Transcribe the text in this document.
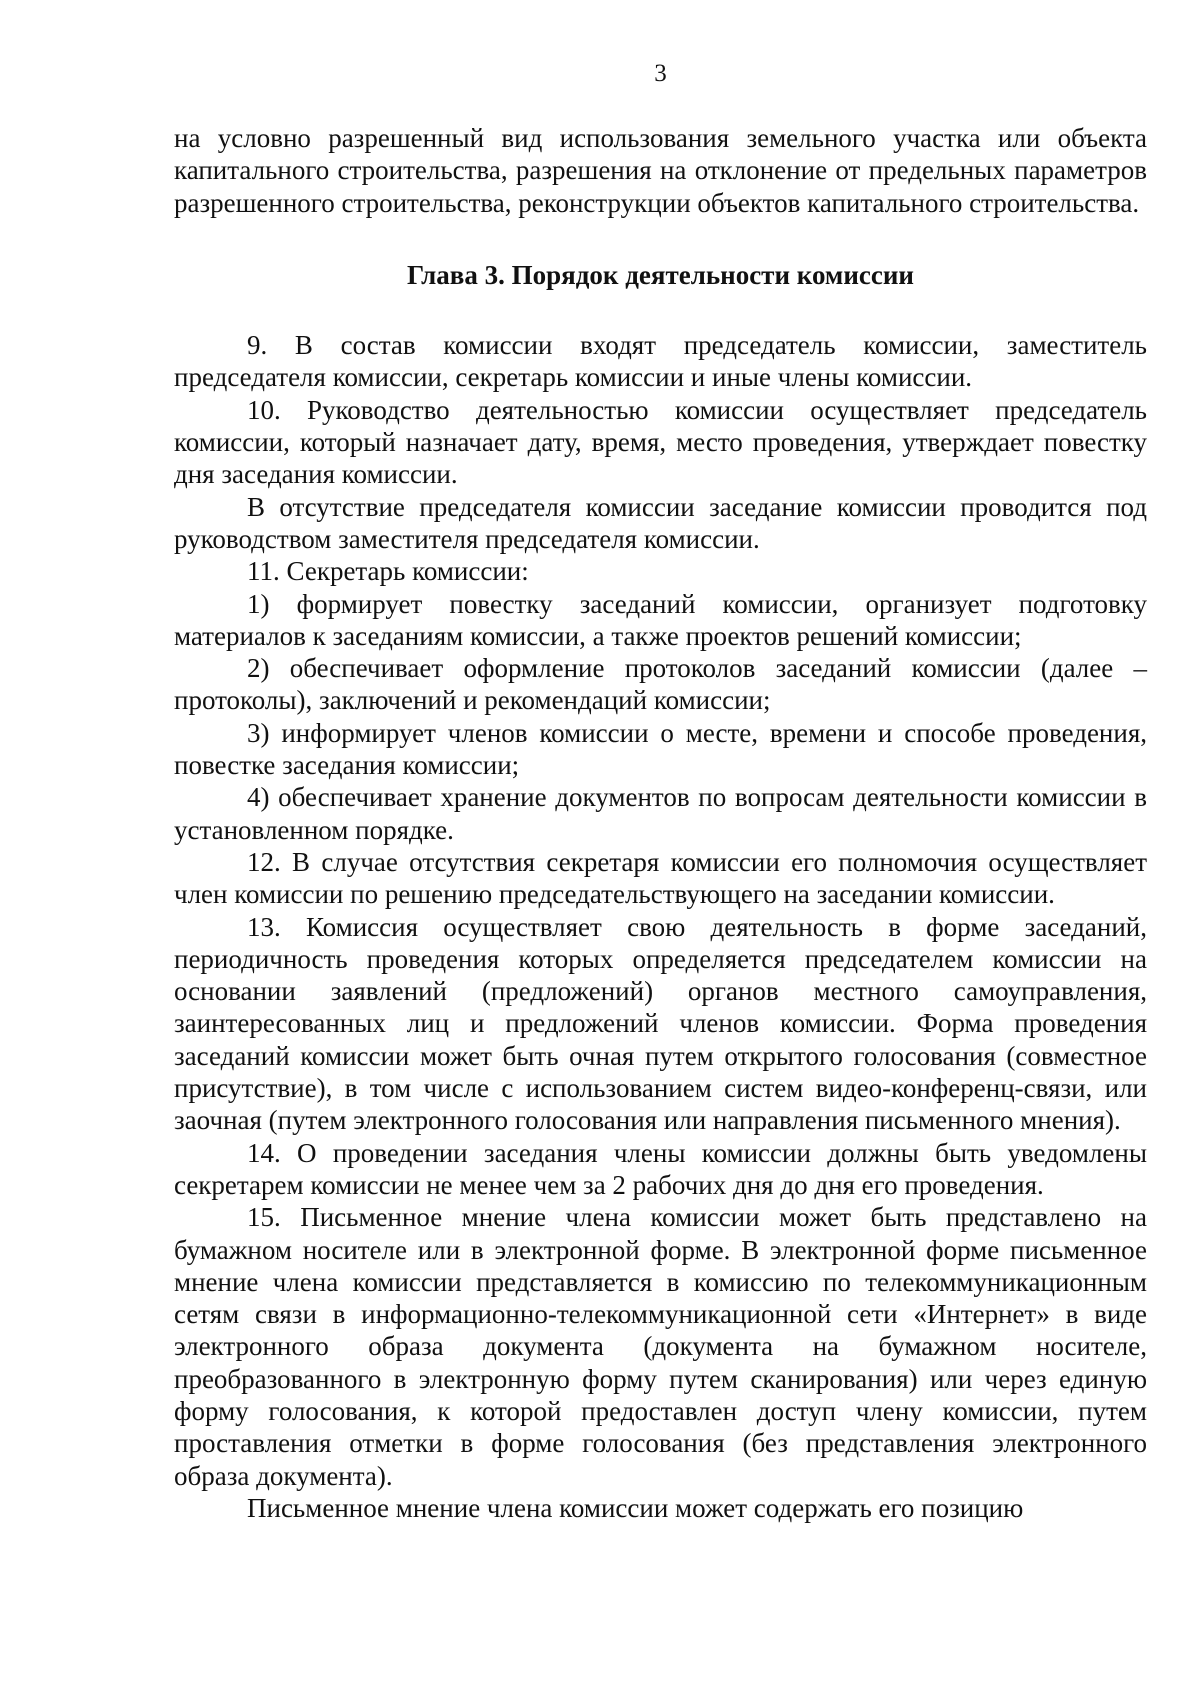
3

на условно разрешенный вид использования земельного участка или объекта капитального строительства, разрешения на отклонение от предельных параметров разрешенного строительства, реконструкции объектов капитального строительства.

Глава 3. Порядок деятельности комиссии

9. В состав комиссии входят председатель комиссии, заместитель председателя комиссии, секретарь комиссии и иные члены комиссии.

10. Руководство деятельностью комиссии осуществляет председатель комиссии, который назначает дату, время, место проведения, утверждает повестку дня заседания комиссии.

В отсутствие председателя комиссии заседание комиссии проводится под руководством заместителя председателя комиссии.

11. Секретарь комиссии:

1) формирует повестку заседаний комиссии, организует подготовку материалов к заседаниям комиссии, а также проектов решений комиссии;

2) обеспечивает оформление протоколов заседаний комиссии (далее – протоколы), заключений и рекомендаций комиссии;

3) информирует членов комиссии о месте, времени и способе проведения, повестке заседания комиссии;

4) обеспечивает хранение документов по вопросам деятельности комиссии в установленном порядке.

12. В случае отсутствия секретаря комиссии его полномочия осуществляет член комиссии по решению председательствующего на заседании комиссии.

13. Комиссия осуществляет свою деятельность в форме заседаний, периодичность проведения которых определяется председателем комиссии на основании заявлений (предложений) органов местного самоуправления, заинтересованных лиц и предложений членов комиссии. Форма проведения заседаний комиссии может быть очная путем открытого голосования (совместное присутствие), в том числе с использованием систем видео-конференц-связи, или заочная (путем электронного голосования или направления письменного мнения).

14. О проведении заседания члены комиссии должны быть уведомлены секретарем комиссии не менее чем за 2 рабочих дня до дня его проведения.

15. Письменное мнение члена комиссии может быть представлено на бумажном носителе или в электронной форме. В электронной форме письменное мнение члена комиссии представляется в комиссию по телекоммуникационным сетям связи в информационно-телекоммуникационной сети «Интернет» в виде электронного образа документа (документа на бумажном носителе, преобразованного в электронную форму путем сканирования) или через единую форму голосования, к которой предоставлен доступ члену комиссии, путем проставления отметки в форме голосования (без представления электронного образа документа).

Письменное мнение члена комиссии может содержать его позицию
